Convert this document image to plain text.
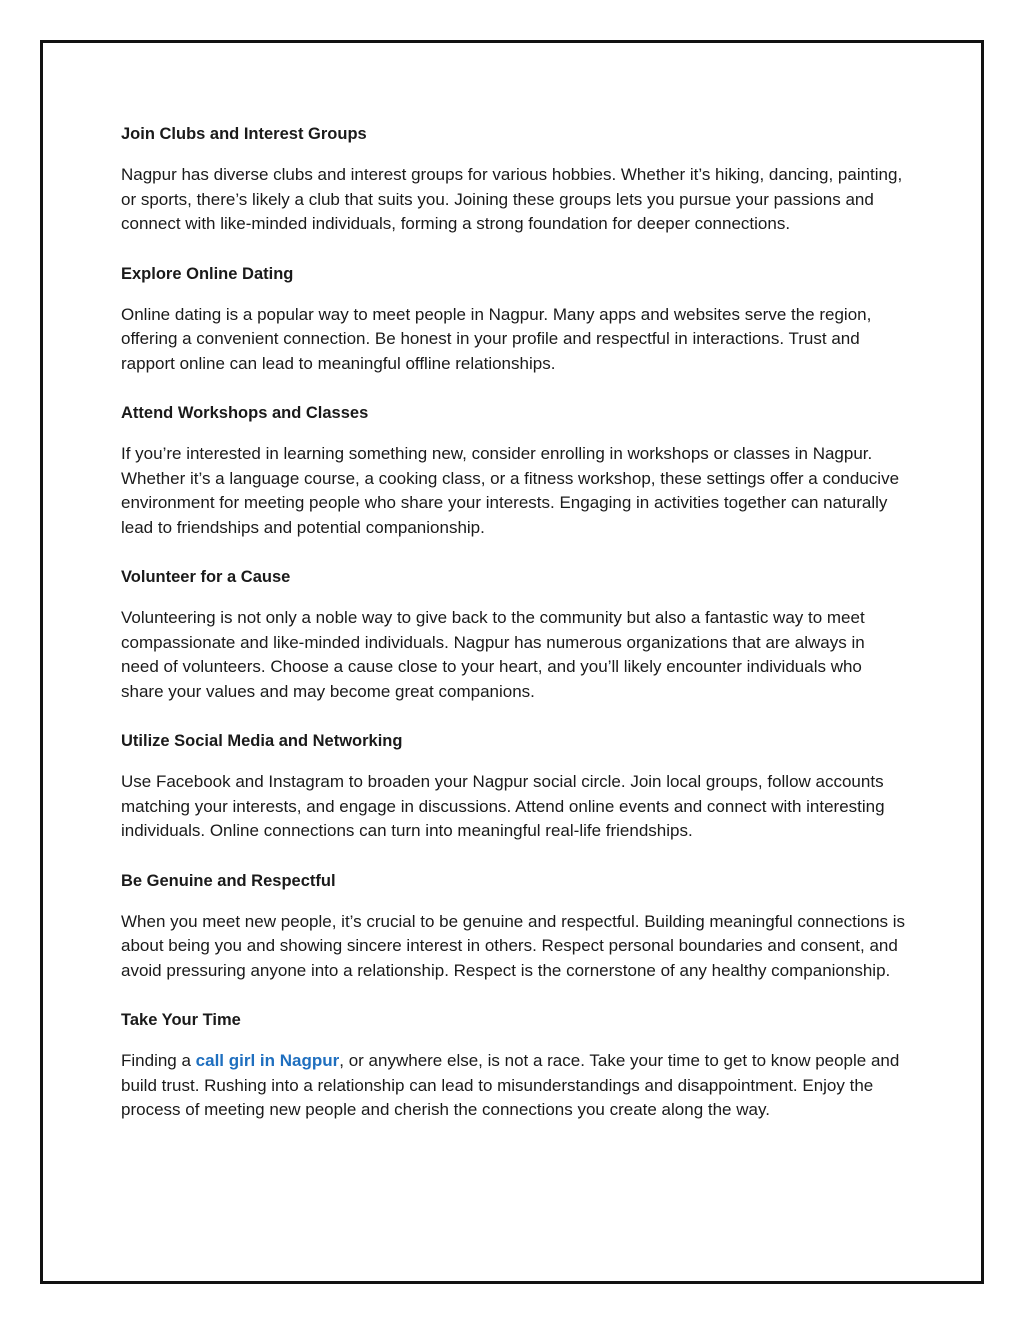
Join Clubs and Interest Groups

Nagpur has diverse clubs and interest groups for various hobbies. Whether it’s hiking, dancing, painting, or sports, there’s likely a club that suits you. Joining these groups lets you pursue your passions and connect with like-minded individuals, forming a strong foundation for deeper connections.

Explore Online Dating

Online dating is a popular way to meet people in Nagpur. Many apps and websites serve the region, offering a convenient connection. Be honest in your profile and respectful in interactions. Trust and rapport online can lead to meaningful offline relationships.

Attend Workshops and Classes

If you’re interested in learning something new, consider enrolling in workshops or classes in Nagpur. Whether it’s a language course, a cooking class, or a fitness workshop, these settings offer a conducive environment for meeting people who share your interests. Engaging in activities together can naturally lead to friendships and potential companionship.

Volunteer for a Cause

Volunteering is not only a noble way to give back to the community but also a fantastic way to meet compassionate and like-minded individuals. Nagpur has numerous organizations that are always in need of volunteers. Choose a cause close to your heart, and you’ll likely encounter individuals who share your values and may become great companions.

Utilize Social Media and Networking

Use Facebook and Instagram to broaden your Nagpur social circle. Join local groups, follow accounts matching your interests, and engage in discussions. Attend online events and connect with interesting individuals. Online connections can turn into meaningful real-life friendships.

Be Genuine and Respectful

When you meet new people, it’s crucial to be genuine and respectful. Building meaningful connections is about being you and showing sincere interest in others. Respect personal boundaries and consent, and avoid pressuring anyone into a relationship. Respect is the cornerstone of any healthy companionship.

Take Your Time

Finding a call girl in Nagpur, or anywhere else, is not a race. Take your time to get to know people and build trust. Rushing into a relationship can lead to misunderstandings and disappointment. Enjoy the process of meeting new people and cherish the connections you create along the way.
